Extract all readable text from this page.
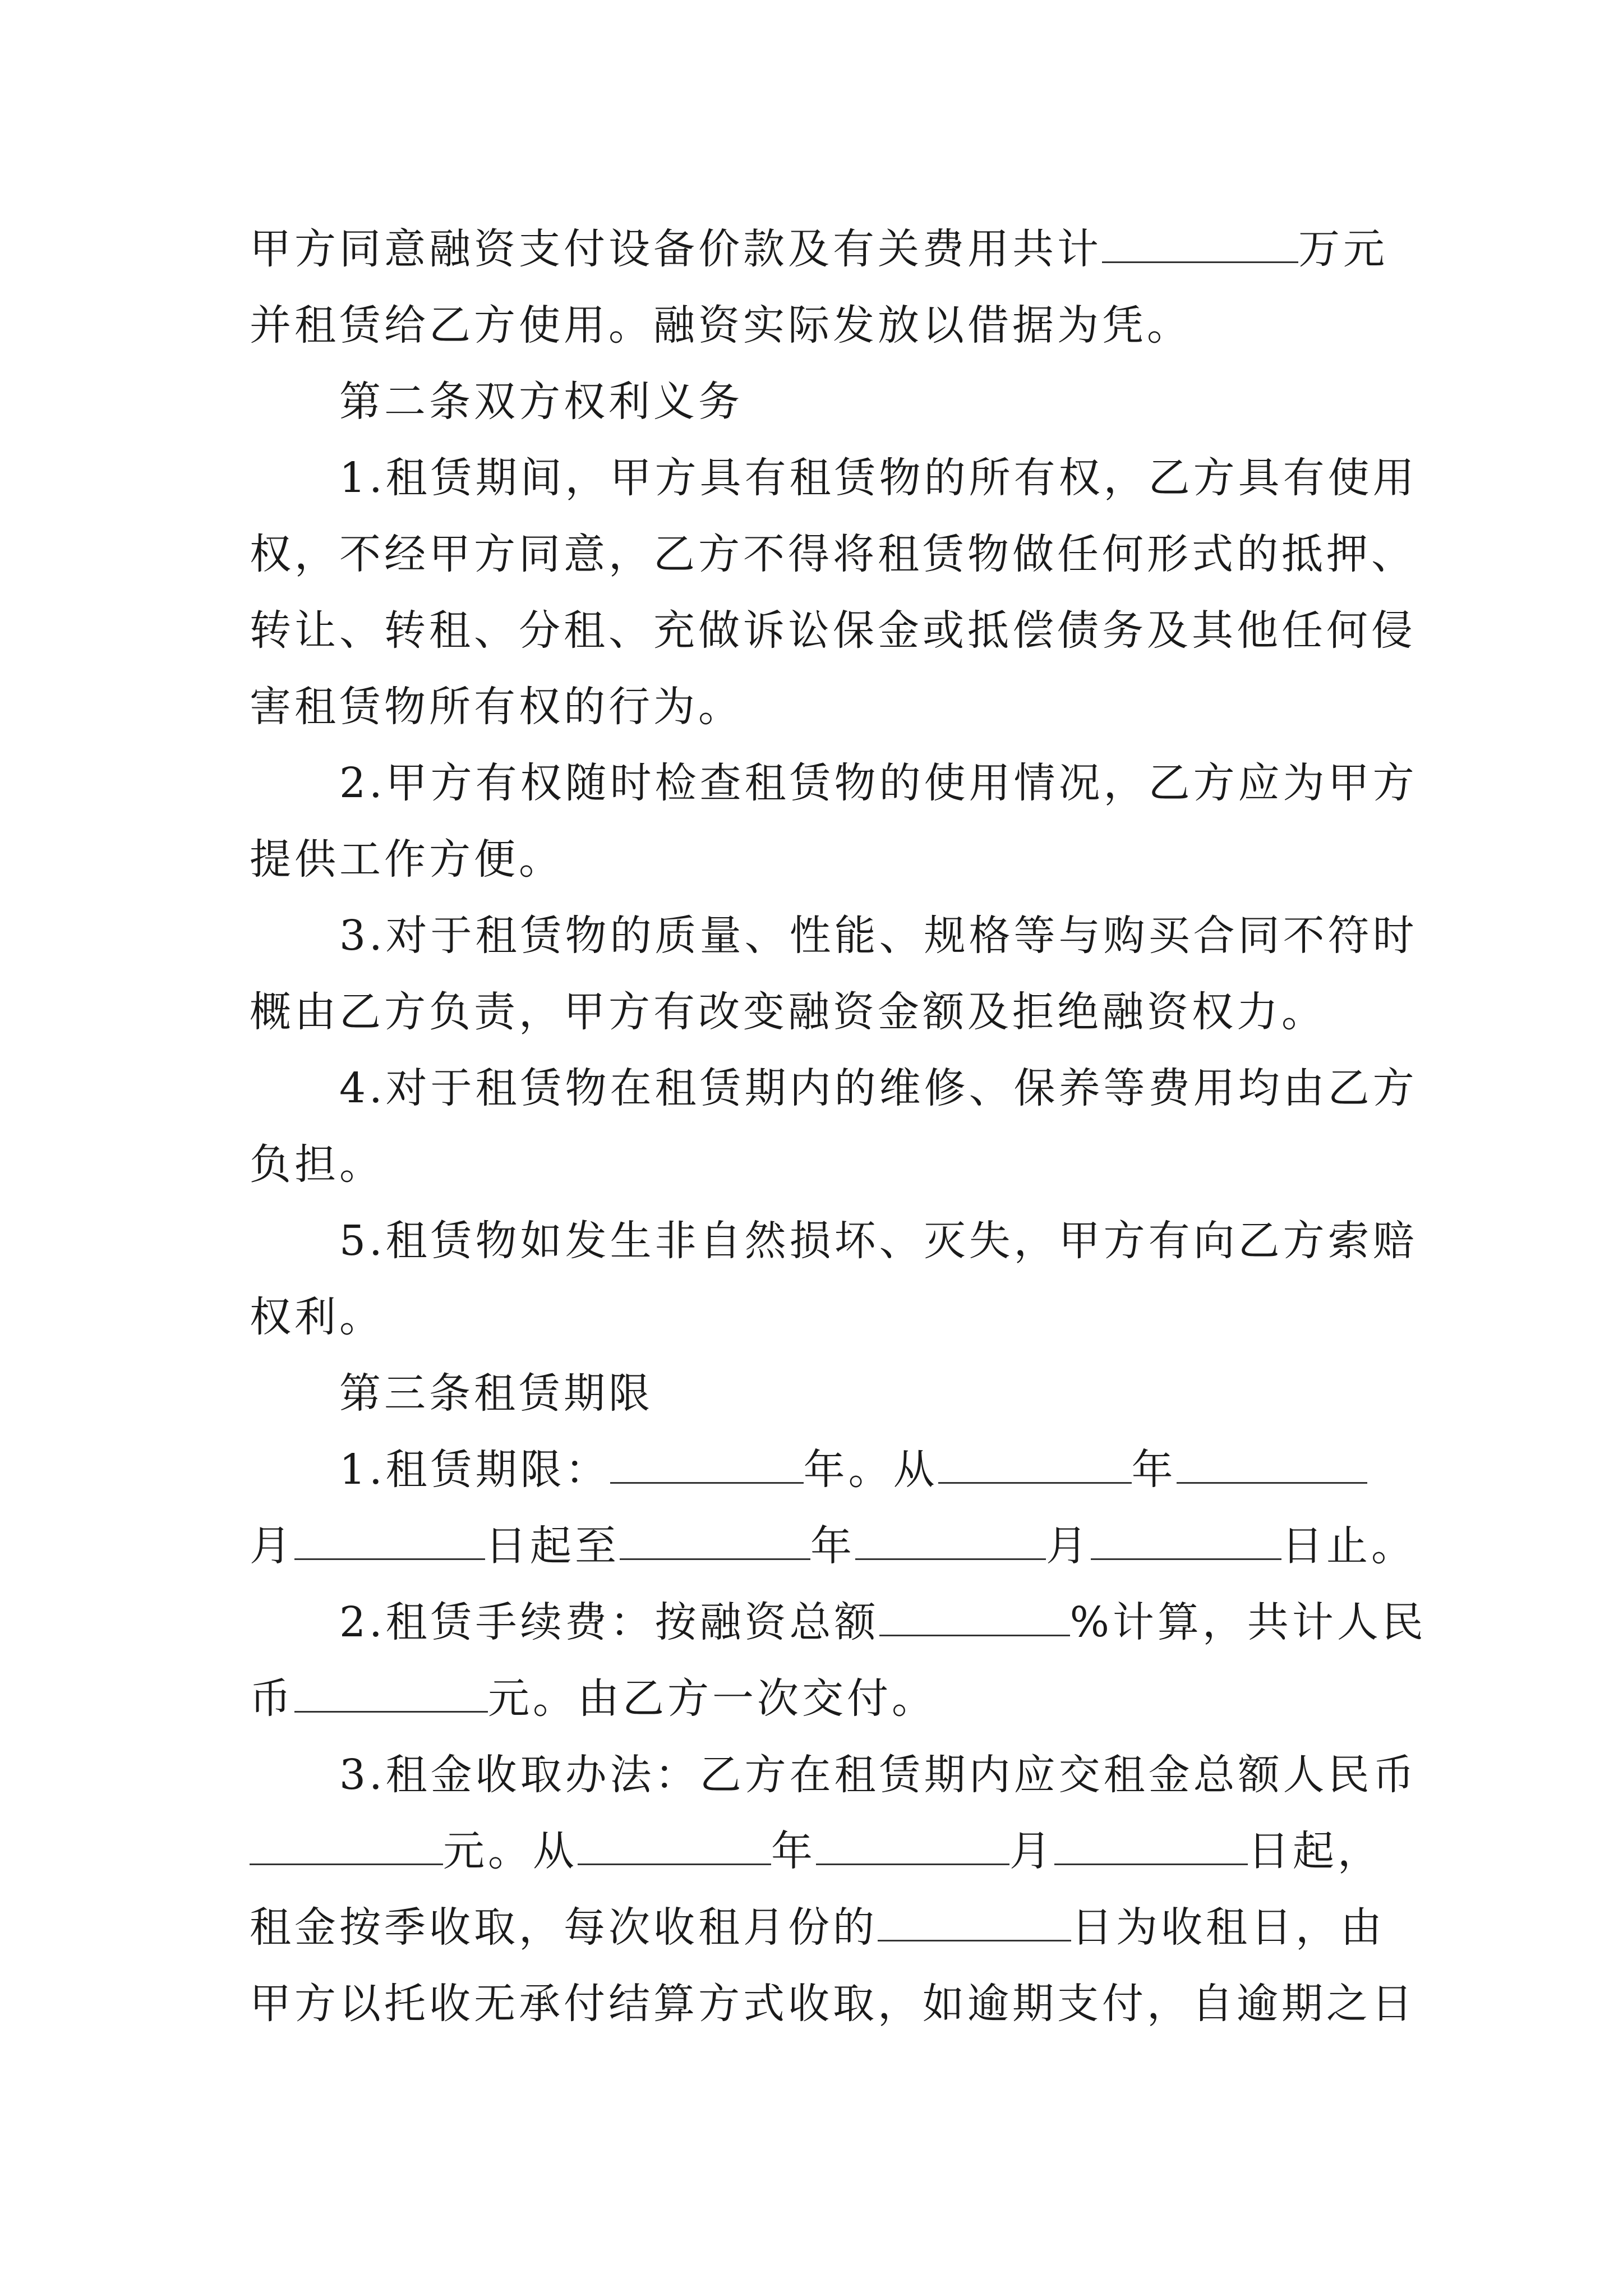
甲方同意融资支付设备价款及有关费用共计	万元
并租赁给乙方使用。融资实际发放以借据为凭。
第二条双方权利义务
1.租赁期间，甲方具有租赁物的所有权，乙方具有使用
权，不经甲方同意，乙方不得将租赁物做任何形式的抵押、
转让、转租、分租、充做诉讼保金或抵偿债务及其他任何侵
害租赁物所有权的行为。
2.甲方有权随时检查租赁物的使用情况，乙方应为甲方
提供工作方便。
3.对于租赁物的质量、性能、规格等与购买合同不符时
概由乙方负责，甲方有改变融资金额及拒绝融资权力。
4.对于租赁物在租赁期内的维修、保养等费用均由乙方
负担。
5.租赁物如发生非自然损坏、灭失，甲方有向乙方索赔
权利。
第三条租赁期限
1.租赁期限：	年。从	年
月	日起至	年	月	日止。
2.租赁手续费：按融资总额	%计算，共计人民
币	元。由乙方一次交付。
3.租金收取办法：乙方在租赁期内应交租金总额人民币
元。从	年	月	日起，
租金按季收取，每次收租月份的	日为收租日，由
甲方以托收无承付结算方式收取，如逾期支付，自逾期之日
